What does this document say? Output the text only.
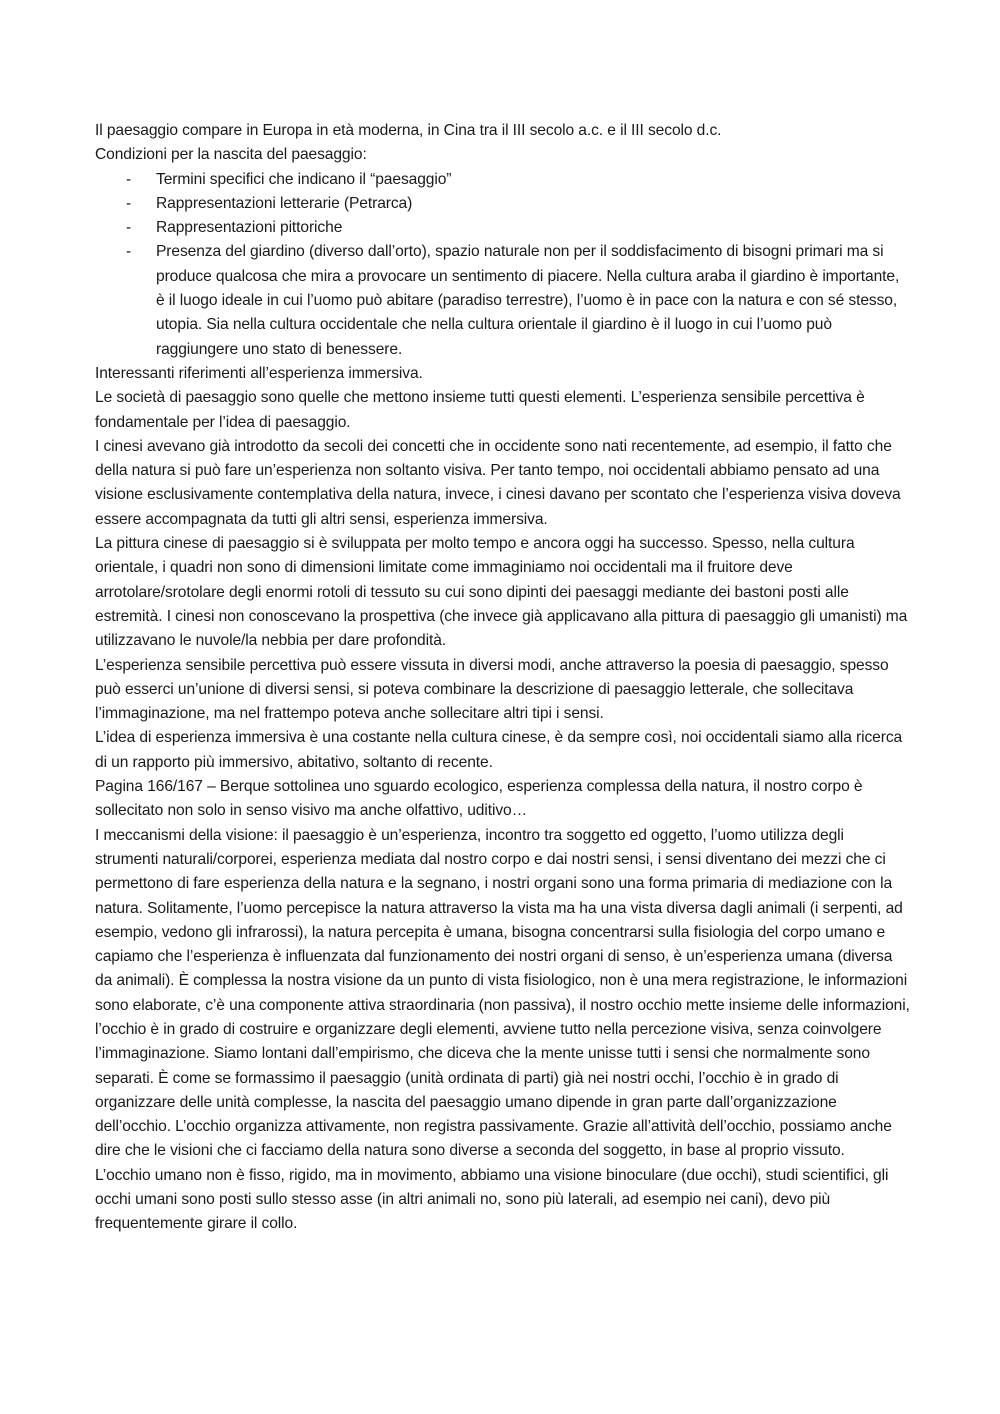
Il paesaggio compare in Europa in età moderna, in Cina tra il III secolo a.c. e il III secolo d.c.

Condizioni per la nascita del paesaggio:

- Termini specifici che indicano il “paesaggio”
- Rappresentazioni letterarie (Petrarca)
- Rappresentazioni pittoriche
- Presenza del giardino (diverso dall’orto), spazio naturale non per il soddisfacimento di bisogni primari ma si produce qualcosa che mira a provocare un sentimento di piacere. Nella cultura araba il giardino è importante, è il luogo ideale in cui l’uomo può abitare (paradiso terrestre), l’uomo è in pace con la natura e con sé stesso, utopia. Sia nella cultura occidentale che nella cultura orientale il giardino è il luogo in cui l’uomo può raggiungere uno stato di benessere.

Interessanti riferimenti all’esperienza immersiva.

Le società di paesaggio sono quelle che mettono insieme tutti questi elementi. L’esperienza sensibile percettiva è fondamentale per l’idea di paesaggio.

I cinesi avevano già introdotto da secoli dei concetti che in occidente sono nati recentemente, ad esempio, il fatto che della natura si può fare un’esperienza non soltanto visiva. Per tanto tempo, noi occidentali abbiamo pensato ad una visione esclusivamente contemplativa della natura, invece, i cinesi davano per scontato che l’esperienza visiva doveva essere accompagnata da tutti gli altri sensi, esperienza immersiva.

La pittura cinese di paesaggio si è sviluppata per molto tempo e ancora oggi ha successo. Spesso, nella cultura orientale, i quadri non sono di dimensioni limitate come immaginiamo noi occidentali ma il fruitore deve arrotolare/srotolare degli enormi rotoli di tessuto su cui sono dipinti dei paesaggi mediante dei bastoni posti alle estremità. I cinesi non conoscevano la prospettiva (che invece già applicavano alla pittura di paesaggio gli umanisti) ma utilizzavano le nuvole/la nebbia per dare profondità.

L’esperienza sensibile percettiva può essere vissuta in diversi modi, anche attraverso la poesia di paesaggio, spesso può esserci un’unione di diversi sensi, si poteva combinare la descrizione di paesaggio letterale, che sollecitava l’immaginazione, ma nel frattempo poteva anche sollecitare altri tipi i sensi.

L’idea di esperienza immersiva è una costante nella cultura cinese, è da sempre così, noi occidentali siamo alla ricerca di un rapporto più immersivo, abitativo, soltanto di recente.

Pagina 166/167 – Berque sottolinea uno sguardo ecologico, esperienza complessa della natura, il nostro corpo è sollecitato non solo in senso visivo ma anche olfattivo, uditivo…

I meccanismi della visione: il paesaggio è un’esperienza, incontro tra soggetto ed oggetto, l’uomo utilizza degli strumenti naturali/corporei, esperienza mediata dal nostro corpo e dai nostri sensi, i sensi diventano dei mezzi che ci permettono di fare esperienza della natura e la segnano, i nostri organi sono una forma primaria di mediazione con la natura. Solitamente, l’uomo percepisce la natura attraverso la vista ma ha una vista diversa dagli animali (i serpenti, ad esempio, vedono gli infrarossi), la natura percepita è umana, bisogna concentrarsi sulla fisiologia del corpo umano e capiamo che l’esperienza è influenzata dal funzionamento dei nostri organi di senso, è un’esperienza umana (diversa da animali). È complessa la nostra visione da un punto di vista fisiologico, non è una mera registrazione, le informazioni sono elaborate, c’è una componente attiva straordinaria (non passiva), il nostro occhio mette insieme delle informazioni, l’occhio è in grado di costruire e organizzare degli elementi, avviene tutto nella percezione visiva, senza coinvolgere l’immaginazione. Siamo lontani dall’empirismo, che diceva che la mente unisse tutti i sensi che normalmente sono separati. È come se formassimo il paesaggio (unità ordinata di parti) già nei nostri occhi, l’occhio è in grado di organizzare delle unità complesse, la nascita del paesaggio umano dipende in gran parte dall’organizzazione dell’occhio. L’occhio organizza attivamente, non registra passivamente. Grazie all’attività dell’occhio, possiamo anche dire che le visioni che ci facciamo della natura sono diverse a seconda del soggetto, in base al proprio vissuto.

L’occhio umano non è fisso, rigido, ma in movimento, abbiamo una visione binoculare (due occhi), studi scientifici, gli occhi umani sono posti sullo stesso asse (in altri animali no, sono più laterali, ad esempio nei cani), devo più frequentemente girare il collo.
